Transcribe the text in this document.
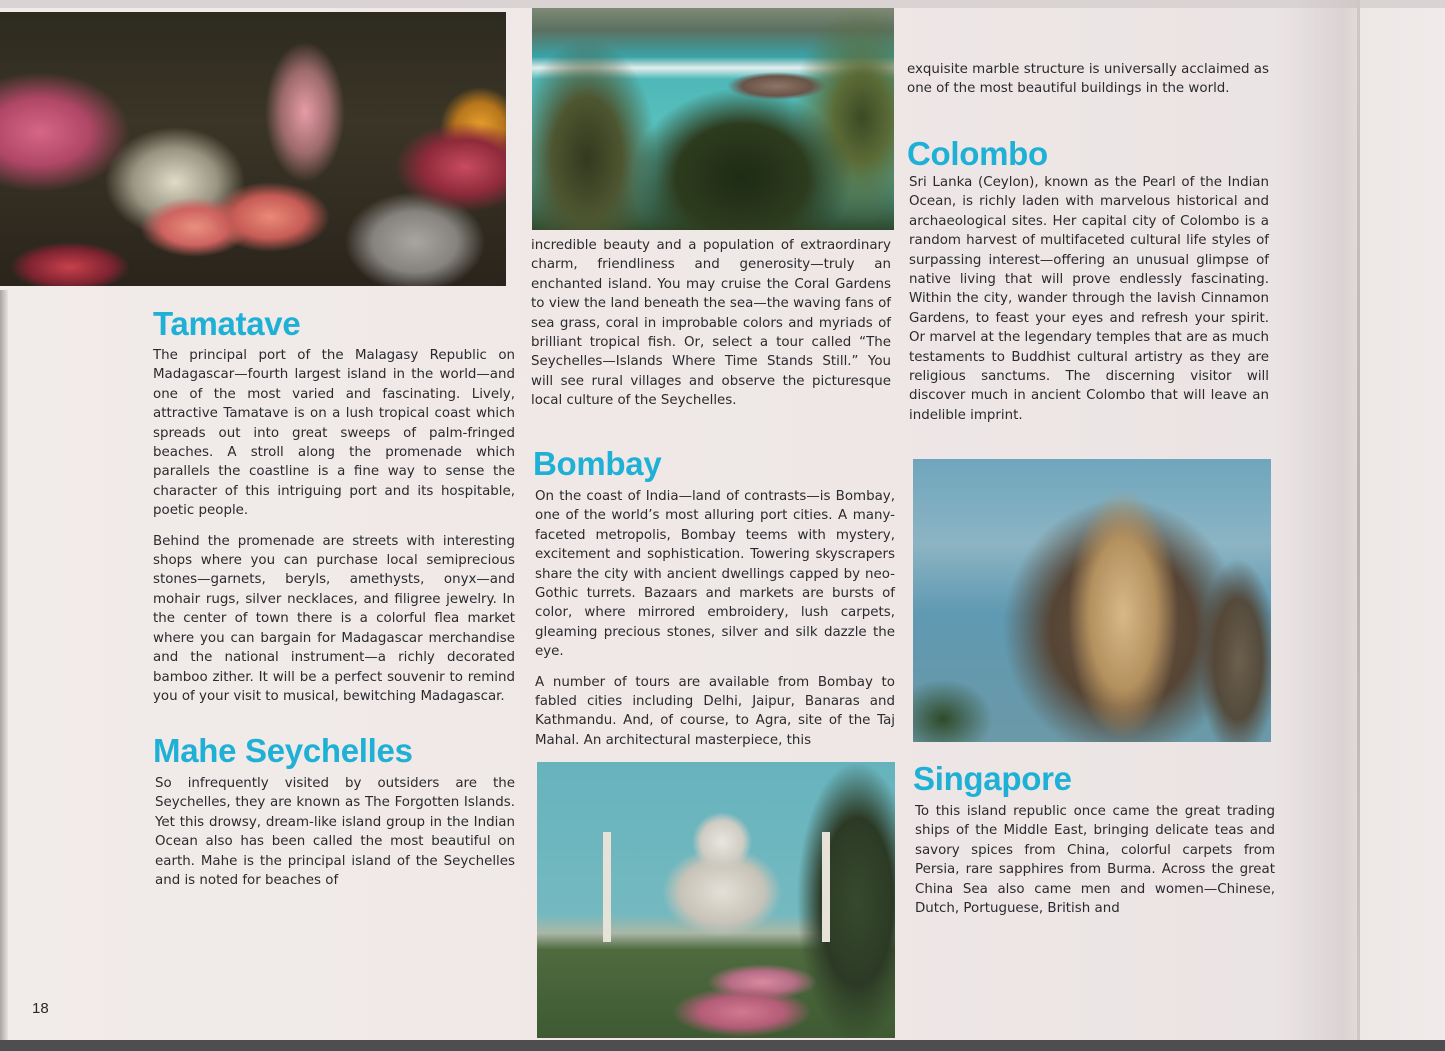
Tamatave

The principal port of the Malagasy Republic on Madagascar—fourth largest island in the world—and one of the most varied and fascinating. Lively, attractive Tamatave is on a lush tropical coast which spreads out into great sweeps of palm-fringed beaches. A stroll along the promenade which parallels the coastline is a fine way to sense the character of this intriguing port and its hospitable, poetic people.

Behind the promenade are streets with interesting shops where you can purchase local semiprecious stones—garnets, beryls, amethysts, onyx—and mohair rugs, silver necklaces, and filigree jewelry. In the center of town there is a colorful flea market where you can bargain for Madagascar merchandise and the national instrument—a richly decorated bamboo zither. It will be a perfect souvenir to remind you of your visit to musical, bewitching Madagascar.

Mahe Seychelles

So infrequently visited by outsiders are the Seychelles, they are known as The Forgotten Islands. Yet this drowsy, dream-like island group in the Indian Ocean also has been called the most beautiful on earth. Mahe is the principal island of the Seychelles and is noted for beaches of

incredible beauty and a population of extraordinary charm, friendliness and generosity—truly an enchanted island. You may cruise the Coral Gardens to view the land beneath the sea—the waving fans of sea grass, coral in improbable colors and myriads of brilliant tropical fish. Or, select a tour called “The Seychelles—Islands Where Time Stands Still.” You will see rural villages and observe the picturesque local culture of the Seychelles.

Bombay

On the coast of India—land of contrasts—is Bombay, one of the world’s most alluring port cities. A many-faceted metropolis, Bombay teems with mystery, excitement and sophistication. Towering skyscrapers share the city with ancient dwellings capped by neo-Gothic turrets. Bazaars and markets are bursts of color, where mirrored embroidery, lush carpets, gleaming precious stones, silver and silk dazzle the eye.

A number of tours are available from Bombay to fabled cities including Delhi, Jaipur, Banaras and Kathmandu. And, of course, to Agra, site of the Taj Mahal. An architectural masterpiece, this

exquisite marble structure is universally acclaimed as one of the most beautiful buildings in the world.

Colombo

Sri Lanka (Ceylon), known as the Pearl of the Indian Ocean, is richly laden with marvelous historical and archaeological sites. Her capital city of Colombo is a random harvest of multifaceted cultural life styles of surpassing interest—offering an unusual glimpse of native living that will prove endlessly fascinating. Within the city, wander through the lavish Cinnamon Gardens, to feast your eyes and refresh your spirit. Or marvel at the legendary temples that are as much testaments to Buddhist cultural artistry as they are religious sanctums. The discerning visitor will discover much in ancient Colombo that will leave an indelible imprint.

Singapore

To this island republic once came the great trading ships of the Middle East, bringing delicate teas and savory spices from China, colorful carpets from Persia, rare sapphires from Burma. Across the great China Sea also came men and women—Chinese, Dutch, Portuguese, British and

18
